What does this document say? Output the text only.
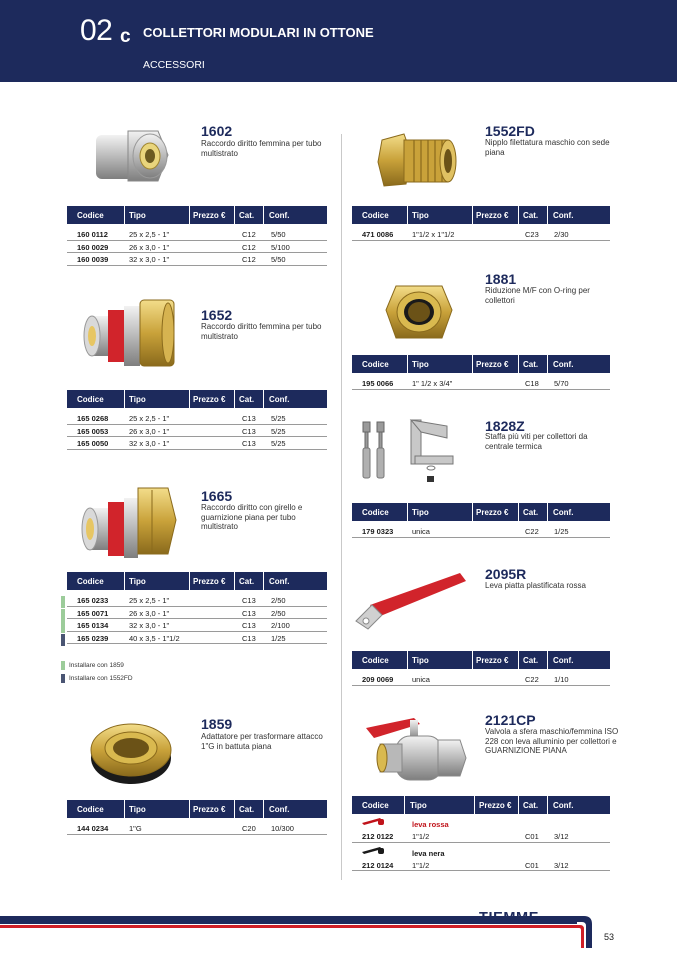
02 c COLLETTORI MODULARI IN OTTONE
ACCESSORI
1602
Raccordo diritto femmina per tubo multistrato
Codice	Tipo	Prezzo € Cat. Conf.
160 0112	25 x 2,5 - 1"	C12 5/50
160 0029	26 x 3,0 - 1"	C12 5/100
160 0039	32 x 3,0 - 1"	C12 5/50
1652
Raccordo diritto femmina per tubo multistrato
Codice	Tipo	Prezzo € Cat. Conf.
165 0268	25 x 2,5 - 1"	C13 5/25
165 0053	26 x 3,0 - 1"	C13 5/25
165 0050	32 x 3,0 - 1"	C13 5/25
1665
Raccordo diritto con girello e guarnizione piana per tubo multistrato
Codice	Tipo	Prezzo € Cat. Conf.
165 0233	25 x 2,5 - 1"	C13 2/50
165 0071	26 x 3,0 - 1"	C13 2/50
165 0134	32 x 3,0 - 1"	C13 2/100
165 0239	40 x 3,5 - 1"1/2	C13 1/25
Installare con 1859
Installare con 1552FD
1859
Adattatore per trasformare attacco 1"G in battuta piana
Codice	Tipo	Prezzo € Cat. Conf.
144 0234	1"G	C20 10/300
1552FD
Nipplo filettatura maschio con sede piana
Codice	Tipo	Prezzo € Cat. Conf.
471 0086 1"1/2 x 1"1/2	C23 2/30
1881
Riduzione M/F con O-ring per collettori
Codice	Tipo	Prezzo € Cat. Conf.
195 0066 1" 1/2 x 3/4"	C18 5/70
1828Z
Staffa più viti per collettori da centrale termica
Codice	Tipo	Prezzo € Cat. Conf.
179 0323 unica	C22 1/25
2095R
Leva piatta plastificata rossa
Codice	Tipo	Prezzo € Cat. Conf.
209 0069 unica	C22 1/10
2121CP
Valvola a sfera maschio/femmina ISO 228 con leva alluminio per collettori e GUARNIZIONE PIANA
Codice	Tipo	Prezzo € Cat. Conf.
leva rossa
212 0122 1"1/2	C01 3/12
leva nera
212 0124 1"1/2	C01 3/12
TIEMME
53
